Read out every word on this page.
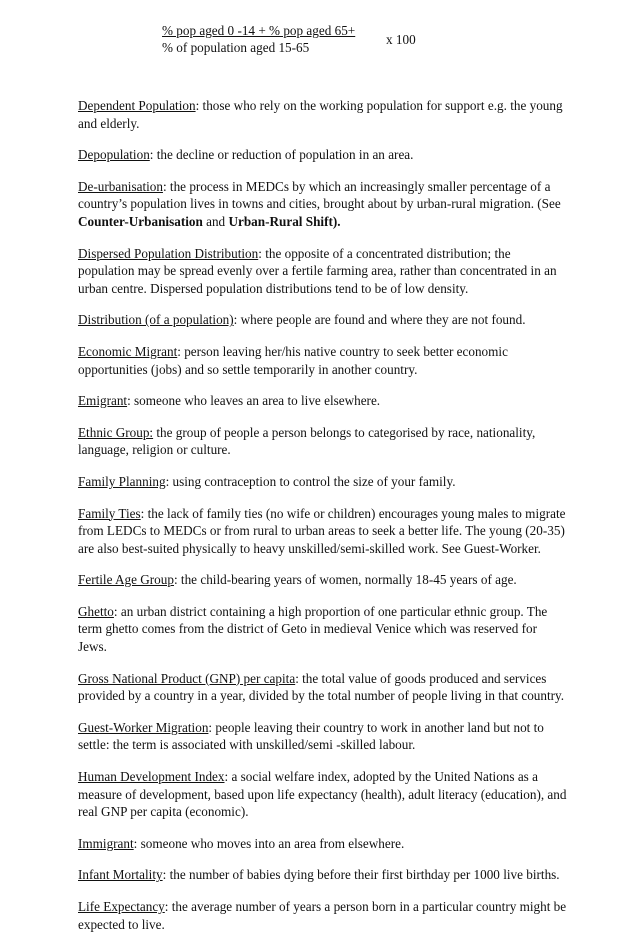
% pop aged 0 -14 + % pop aged 65+
% of population aged 15-65
x 100

Dependent Population: those who rely on the working population for support e.g. the young and elderly.

Depopulation: the decline or reduction of population in an area.

De-urbanisation: the process in MEDCs by which an increasingly smaller percentage of a country’s population lives in towns and cities, brought about by urban-rural migration. (See Counter-Urbanisation and Urban-Rural Shift).

Dispersed Population Distribution: the opposite of a concentrated distribution; the population may be spread evenly over a fertile farming area, rather than concentrated in an urban centre. Dispersed population distributions tend to be of low density.

Distribution (of a population): where people are found and where they are not found.

Economic Migrant: person leaving her/his native country to seek better economic opportunities (jobs) and so settle temporarily in another country.

Emigrant: someone who leaves an area to live elsewhere.

Ethnic Group: the group of people a person belongs to categorised by race, nationality, language, religion or culture.

Family Planning: using contraception to control the size of your family.

Family Ties: the lack of family ties (no wife or children) encourages young males to migrate from LEDCs to MEDCs or from rural to urban areas to seek a better life. The young (20-35) are also best-suited physically to heavy unskilled/semi-skilled work. See Guest-Worker.

Fertile Age Group: the child-bearing years of women, normally 18-45 years of age.

Ghetto: an urban district containing a high proportion of one particular ethnic group. The term ghetto comes from the district of Geto in medieval Venice which was reserved for Jews.

Gross National Product (GNP) per capita: the total value of goods produced and services provided by a country in a year, divided by the total number of people living in that country.

Guest-Worker Migration: people leaving their country to work in another land but not to settle: the term is associated with unskilled/semi -skilled labour.

Human Development Index: a social welfare index, adopted by the United Nations as a measure of development, based upon life expectancy (health), adult literacy (education), and real GNP per capita (economic).

Immigrant: someone who moves into an area from elsewhere.

Infant Mortality: the number of babies dying before their first birthday per 1000 live births.

Life Expectancy: the average number of years a person born in a particular country might be expected to live.
